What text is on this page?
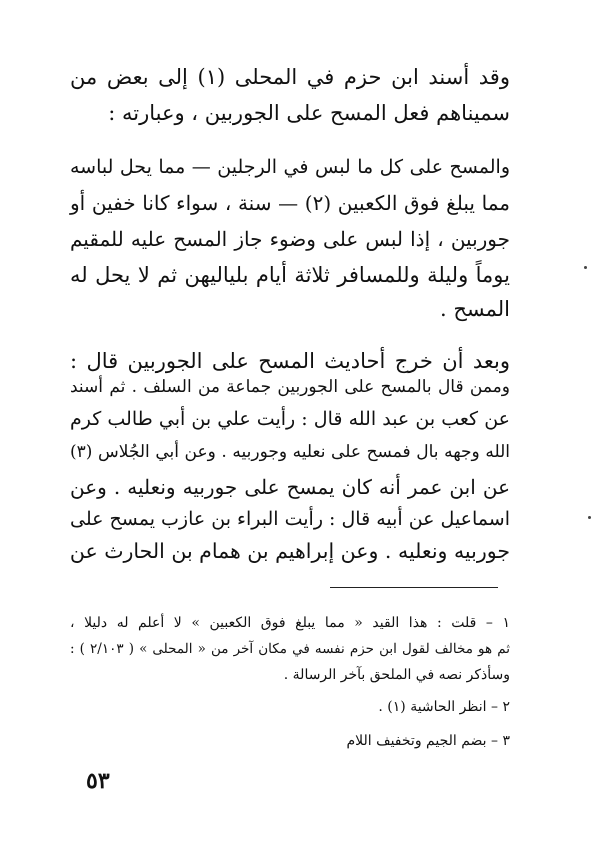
وقد أسند ابن حزم في المحلى (١) إلى بعض من
سميناهم فعل المسح على الجوربين ، وعبارته :
والمسح على كل ما لبس في الرجلين — مما يحل لباسه
مما يبلغ فوق الكعبين (٢) — سنة ، سواء كانا خفين أو
جوربين ، إذا لبس على وضوء جاز المسح عليه للمقيم
يوماً وليلة وللمسافر ثلاثة أيام بلياليهن ثم لا يحل له
المسح .
وبعد أن خرج أحاديث المسح على الجوربين قال :
وممن قال بالمسح على الجوربين جماعة من السلف . ثم أسند
عن كعب بن عبد الله قال : رأيت علي بن أبي طالب كرم
الله وجهه بال فمسح على نعليه وجوربيه . وعن أبي الجُلاس (٣)
عن ابن عمر أنه كان يمسح على جوربيه ونعليه . وعن
اسماعيل عن أبيه قال : رأيت البراء بن عازب يمسح على
جوربيه ونعليه . وعن إبراهيم بن همام بن الحارث عن
١ – قلت : هذا القيد « مما يبلغ فوق الكعبين » لا أعلم له دليلا ،
ثم هو مخالف لقول ابن حزم نفسه في مكان آخر من « المحلى » ( ٢/١٠٣ ) :
وسأذكر نصه في الملحق بآخر الرسالة .
٢ – انظر الحاشية (١) .
٣ – بضم الجيم وتخفيف اللام
٥٣
